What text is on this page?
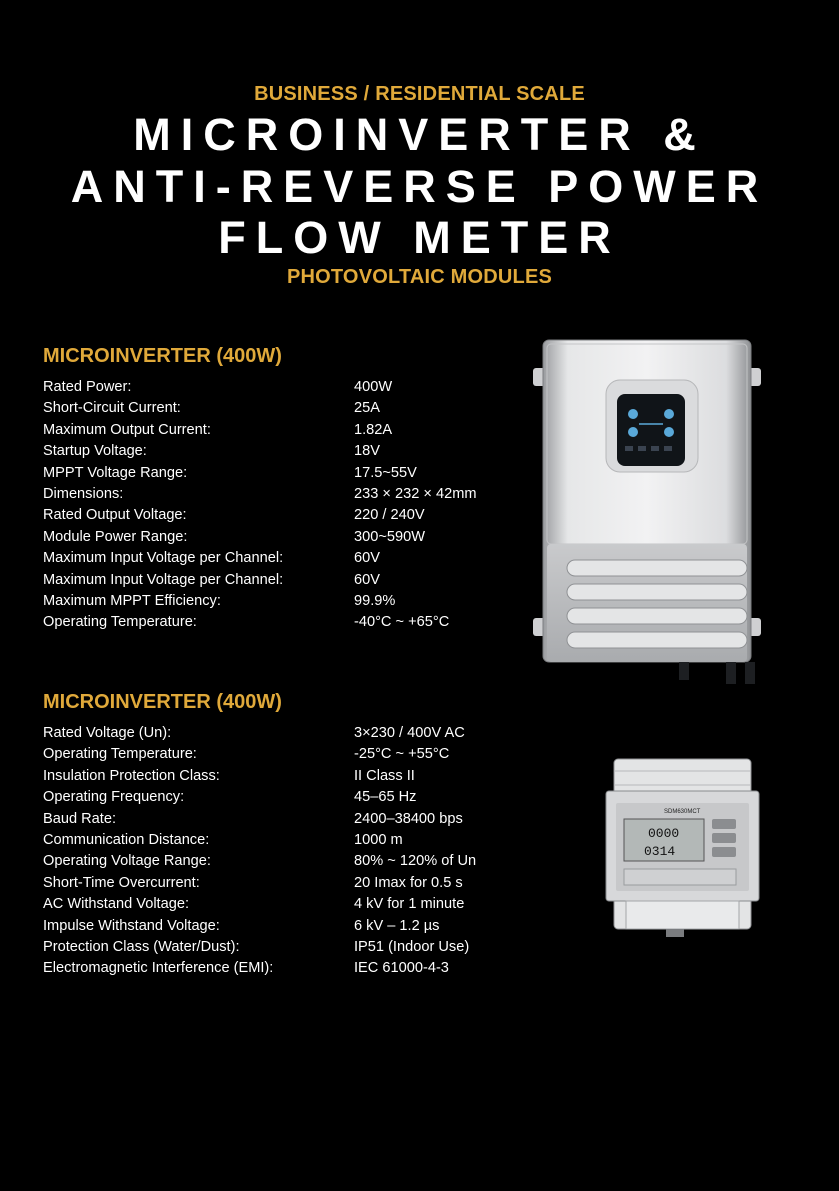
BUSINESS / RESIDENTIAL SCALE
MICROINVERTER &
ANTI-REVERSE POWER
FLOW METER
PHOTOVOLTAIC MODULES
MICROINVERTER (400W)
Rated Power:	400W
Short-Circuit Current:	25A
Maximum Output Current:	1.82A
Startup Voltage:	18V
MPPT Voltage Range:	17.5~55V
Dimensions:	233 × 232 × 42mm
Rated Output Voltage:	220 / 240V
Module Power Range:	300~590W
Maximum Input Voltage per Channel:	60V
Maximum Input Voltage per Channel:	60V
Maximum MPPT Efficiency:	99.9%
Operating Temperature:	-40°C ~ +65°C
MICROINVERTER (400W)
Rated Voltage (Un):	3×230 / 400V AC
Operating Temperature:	-25°C ~ +55°C
Insulation Protection Class:	II Class II
Operating Frequency:	45–65 Hz
Baud Rate:	2400–38400 bps
Communication Distance:	1000 m
Operating Voltage Range:	80% ~ 120% of Un
Short-Time Overcurrent:	20 Imax for 0.5 s
AC Withstand Voltage:	4 kV for 1 minute
Impulse Withstand Voltage:	6 kV – 1.2 µs
Protection Class (Water/Dust):	IP51 (Indoor Use)
Electromagnetic Interference (EMI):	IEC 61000-4-3
SDM630MCT
0000
0314
